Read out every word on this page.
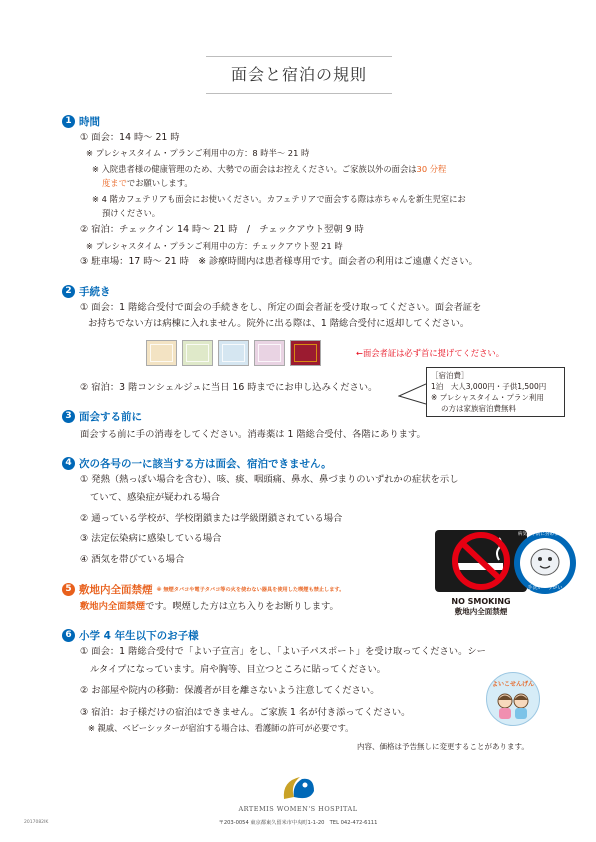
面会と宿泊の規則
1 時間
① 面会：14 時〜 21 時
※ プレシャスタイム・プランご利用中の方：8 時半〜 21 時
※ 入院患者様の健康管理のため、大勢での面会はお控えください。ご家族以外の面会は30 分程
度まででお願いします。
※ 4 階カフェテリアも面会にお使いください。カフェテリアで面会する際は赤ちゃんを新生児室にお
預けください。
② 宿泊：チェックイン 14 時〜 21 時　/　チェックアウト翌朝 9 時
※ プレシャスタイム・プランご利用中の方：チェックアウト翌 21 時
③ 駐車場：17 時〜 21 時　※ 診療時間内は患者様専用です。面会者の利用はご遠慮ください。
2 手続き
① 面会：1 階総合受付で面会の手続きをし、所定の面会者証を受け取ってください。面会者証を
お持ちでない方は病棟に入れません。院外に出る際は、1 階総合受付に返却してください。
←面会者証は必ず首に提げてください。
② 宿泊：3 階コンシェルジュに当日 16 時までにお申し込みください。
［宿泊費］
1泊　大人3,000円・子供1,500円
※ プレシャスタイム・プラン利用
の方は家族宿泊費無料
3 面会する前に
面会する前に手の消毒をしてください。消毒薬は 1 階総合受付、各階にあります。
4 次の各号の一に該当する方は面会、宿泊できません。
① 発熱（熱っぽい場合を含む）、咳、痰、咽頭痛、鼻水、鼻づまりのいずれかの症状を示し
ていて、感染症が疑われる場合
② 通っている学校が、学校閉鎖または学級閉鎖されている場合
③ 法定伝染病に感染している場合
④ 酒気を帯びている場合
5 敷地内全面禁煙 ※ 無煙タバコや電子タバコ等の火を使わない器具を使用した喫煙も禁止します。
敷地内全面禁煙です。喫煙した方は立ち入りをお断りします。	NO SMOKING
敷地内全面禁煙
病気の予防に努めましょう
手洗い・うがい
6 小学 4 年生以下のお子様
① 面会：1 階総合受付で「よい子宣言」をし、「よい子パスポート」を受け取ってください。シー
ルタイプになっています。肩や胸等、目立つところに貼ってください。
② お部屋や院内の移動：保護者が目を離さないよう注意してください。
③ 宿泊：お子様だけの宿泊はできません。ご家族 1 名が付き添ってください。
※ 親戚、ベビーシッターが宿泊する場合は、看護師の許可が必要です。
よいこせんげん
内容、価格は予告無しに変更することがあります。
ARTEMIS WOMEN'S HOSPITAL
〒203-0054 東京都東久留米市中央町1-1-20　TEL 042-472-6111
2017082IK
